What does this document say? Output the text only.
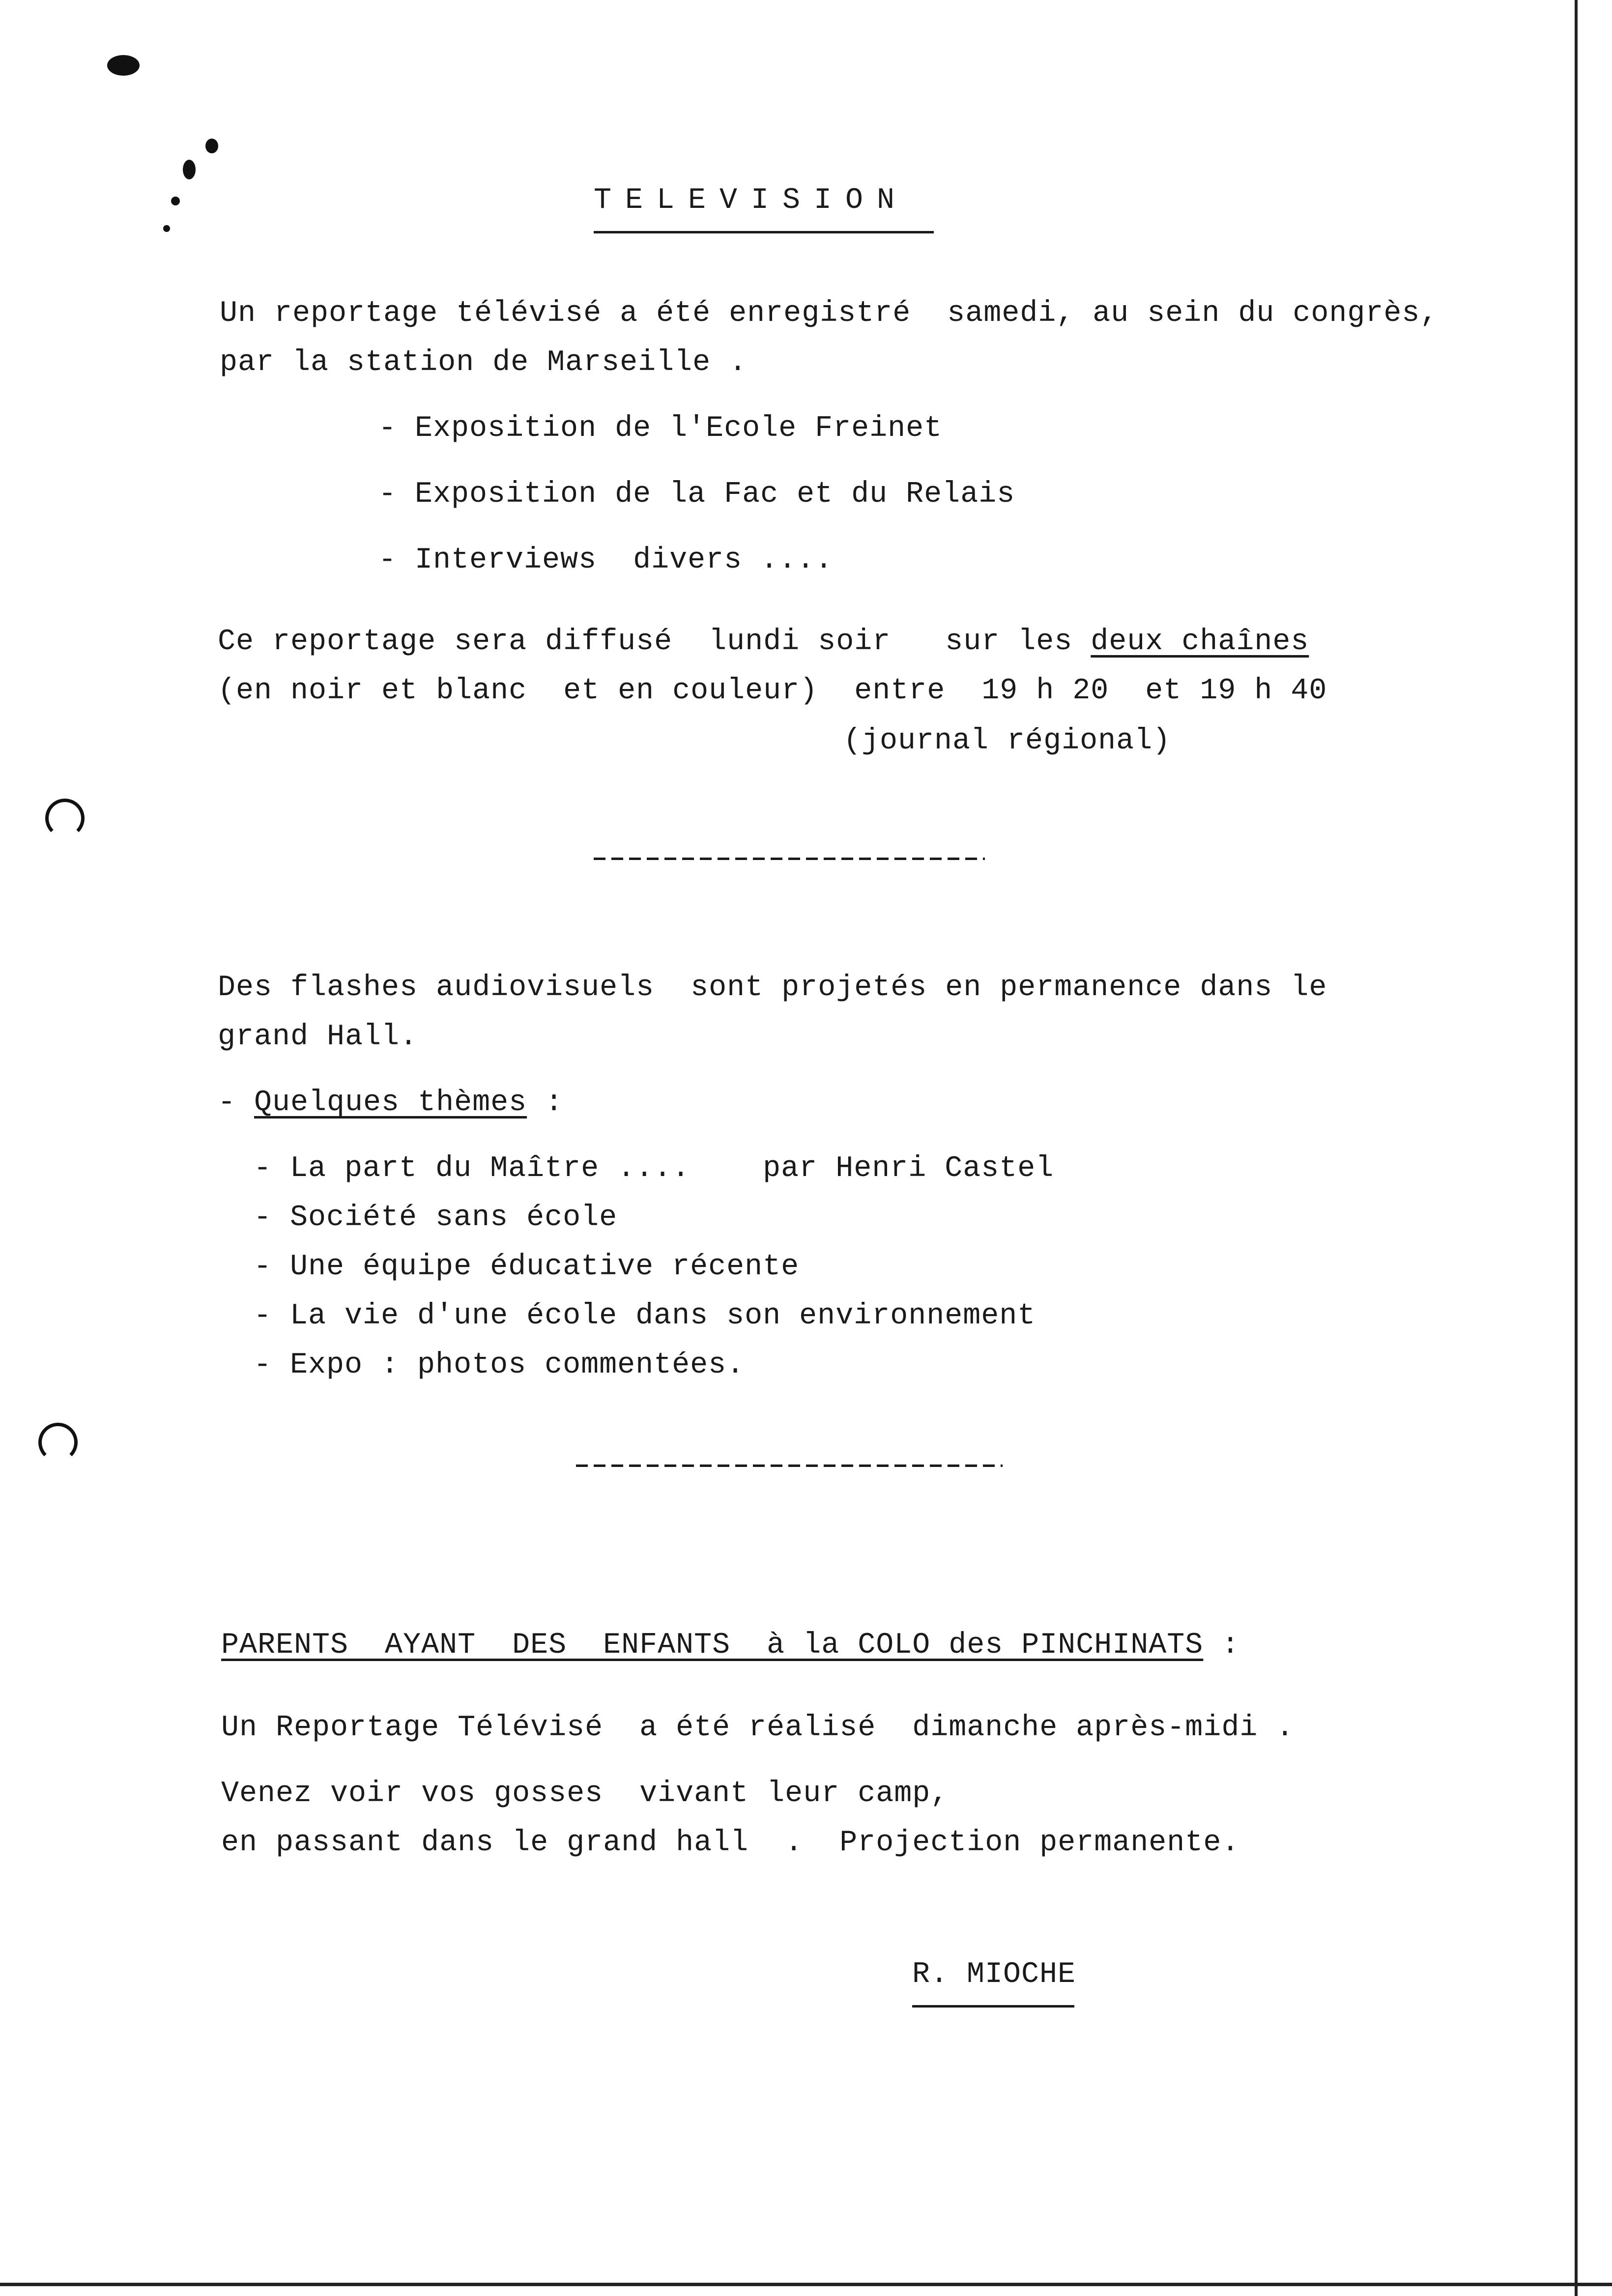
TELEVISION
Un reportage télévisé a été enregistré  samedi, au sein du congrès,
par la station de Marseille .
- Exposition de l'Ecole Freinet
- Exposition de la Fac et du Relais
- Interviews  divers ....
Ce reportage sera diffusé  lundi soir   sur les deux chaînes
(en noir et blanc  et en couleur)  entre  19 h 20  et 19 h 40
(journal régional)
Des flashes audiovisuels  sont projetés en permanence dans le
grand Hall.
- Quelques thèmes :
- La part du Maître ....    par Henri Castel
- Société sans école
- Une équipe éducative récente
- La vie d'une école dans son environnement
- Expo : photos commentées.
PARENTS  AYANT  DES  ENFANTS  à la COLO des PINCHINATS :
Un Reportage Télévisé  a été réalisé  dimanche après-midi .
Venez voir vos gosses  vivant leur camp,
en passant dans le grand hall  .  Projection permanente.
R. MIOCHE
